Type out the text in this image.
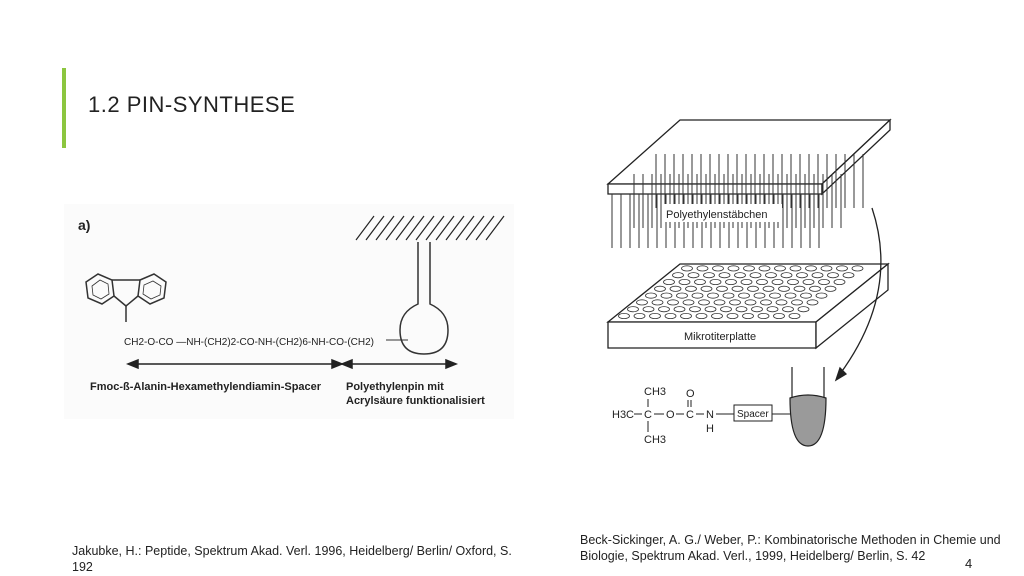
1.2 PIN-SYNTHESE
a)
CH2-O-CO —NH-(CH2)2-CO-NH-(CH2)6-NH-CO-(CH2)
Fmoc-ß-Alanin-Hexamethylendiamin-Spacer Polyethylenpin mit
Acrylsäure funktionalisiert
Polyethylenstäbchen
Mikrotiterplatte
CH3
H3C C O C
O
N
H
CH3
Spacer
Jakubke, H.: Peptide, Spektrum Akad. Verl. 1996, Heidelberg/ Berlin/ Oxford, S. 192
Beck-Sickinger, A. G./ Weber, P.: Kombinatorische Methoden in Chemie und Biologie, Spektrum Akad. Verl., 1999, Heidelberg/ Berlin, S. 42	4
